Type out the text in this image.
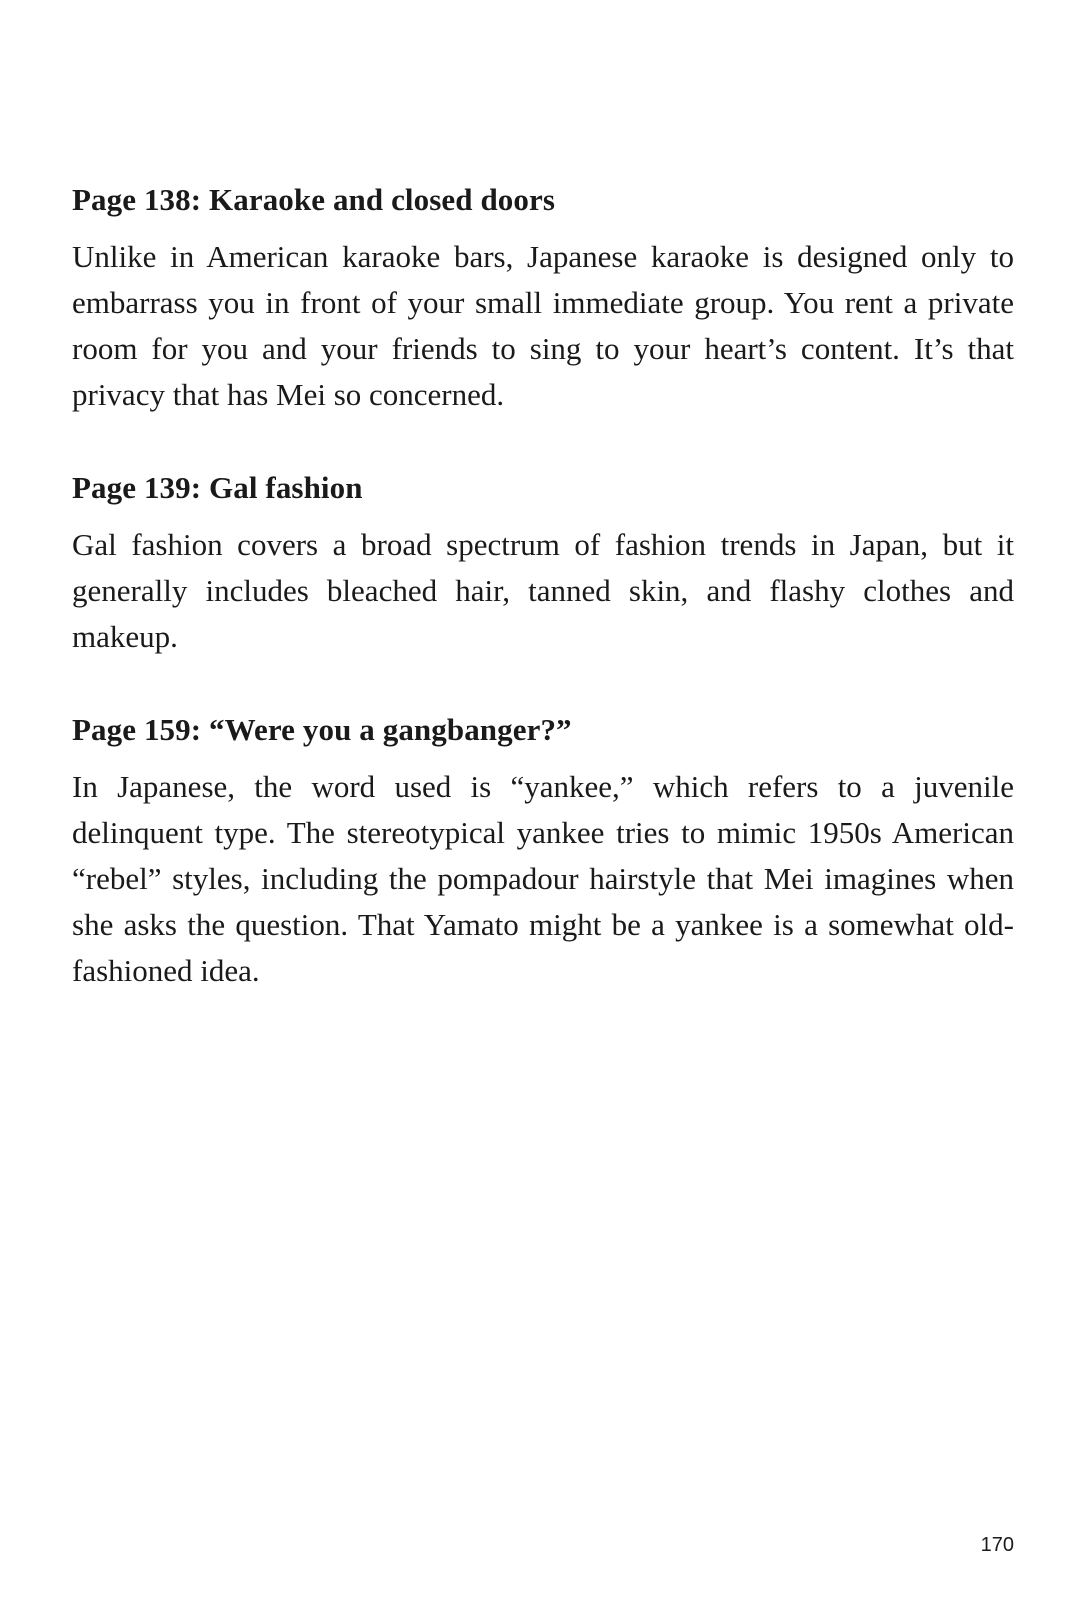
Page 138: Karaoke and closed doors

Unlike in American karaoke bars, Japanese karaoke is designed only to embarrass you in front of your small immediate group. You rent a private room for you and your friends to sing to your heart’s content. It’s that privacy that has Mei so concerned.

Page 139: Gal fashion

Gal fashion covers a broad spectrum of fashion trends in Japan, but it generally includes bleached hair, tanned skin, and flashy clothes and makeup.

Page 159: “Were you a gangbanger?”

In Japanese, the word used is “yankee,” which refers to a juvenile delinquent type. The stereotypical yankee tries to mimic 1950s American “rebel” styles, including the pompadour hairstyle that Mei imagines when she asks the question. That Yamato might be a yankee is a somewhat old-fashioned idea.

170
